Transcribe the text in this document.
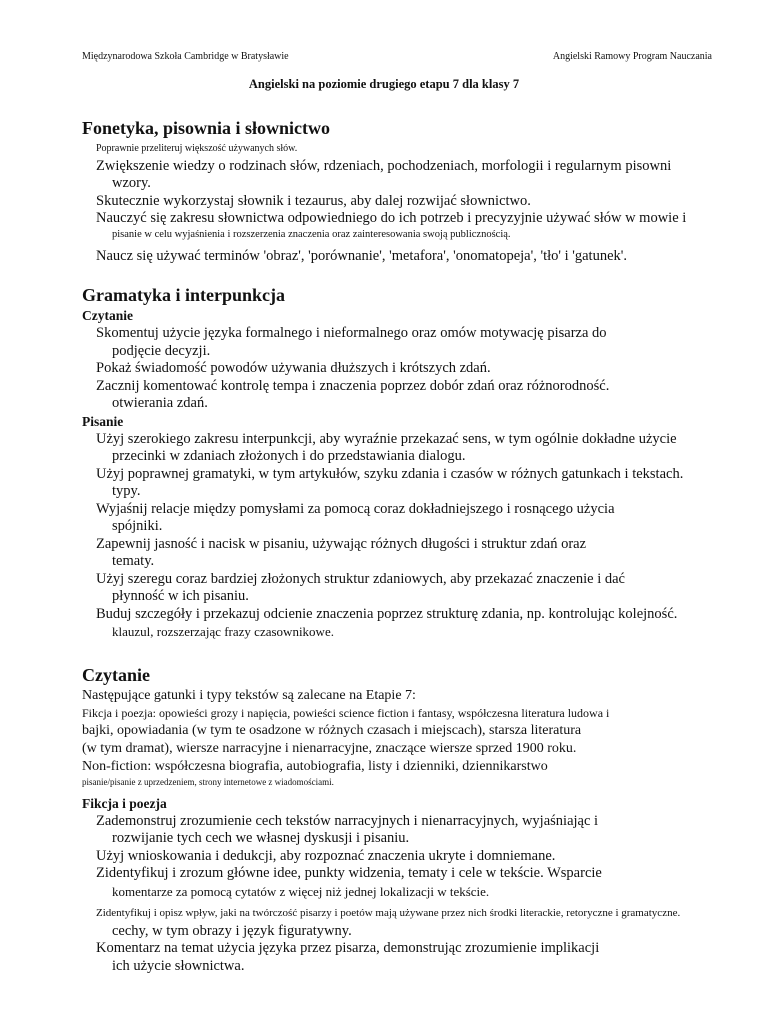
Międzynarodowa Szkoła Cambridge w Bratysławie	Angielski Ramowy Program Nauczania
Angielski na poziomie drugiego etapu 7 dla klasy 7
Fonetyka, pisownia i słownictwo
Poprawnie przeliteruj większość używanych słów.
Zwiększenie wiedzy o rodzinach słów, rdzeniach, pochodzeniach, morfologii i regularnym pisowni
wzory.
Skutecznie wykorzystaj słownik i tezaurus, aby dalej rozwijać słownictwo.
Nauczyć się zakresu słownictwa odpowiedniego do ich potrzeb i precyzyjnie używać słów w mowie i
pisanie w celu wyjaśnienia i rozszerzenia znaczenia oraz zainteresowania swoją publicznością.
Naucz się używać terminów 'obraz', 'porównanie', 'metafora', 'onomatopeja', 'tło' i 'gatunek'.
Gramatyka i interpunkcja
Czytanie
Skomentuj użycie języka formalnego i nieformalnego oraz omów motywację pisarza do
podjęcie decyzji.
Pokaż świadomość powodów używania dłuższych i krótszych zdań.
Zacznij komentować kontrolę tempa i znaczenia poprzez dobór zdań oraz różnorodność.
otwierania zdań.
Pisanie
Użyj szerokiego zakresu interpunkcji, aby wyraźnie przekazać sens, w tym ogólnie dokładne użycie
przecinki w zdaniach złożonych i do przedstawiania dialogu.
Użyj poprawnej gramatyki, w tym artykułów, szyku zdania i czasów w różnych gatunkach i tekstach.
typy.
Wyjaśnij relacje między pomysłami za pomocą coraz dokładniejszego i rosnącego użycia
spójniki.
Zapewnij jasność i nacisk w pisaniu, używając różnych długości i struktur zdań oraz
tematy.
Użyj szeregu coraz bardziej złożonych struktur zdaniowych, aby przekazać znaczenie i dać
płynność w ich pisaniu.
Buduj szczegóły i przekazuj odcienie znaczenia poprzez strukturę zdania, np. kontrolując kolejność.
klauzul, rozszerzając frazy czasownikowe.
Czytanie
Następujące gatunki i typy tekstów są zalecane na Etapie 7:
Fikcja i poezja: opowieści grozy i napięcia, powieści science fiction i fantasy, współczesna literatura ludowa i
bajki, opowiadania (w tym te osadzone w różnych czasach i miejscach), starsza literatura
(w tym dramat), wiersze narracyjne i nienarracyjne, znaczące wiersze sprzed 1900 roku.
Non-fiction: współczesna biografia, autobiografia, listy i dzienniki, dziennikarstwo
pisanie/pisanie z uprzedzeniem, strony internetowe z wiadomościami.
Fikcja i poezja
Zademonstruj zrozumienie cech tekstów narracyjnych i nienarracyjnych, wyjaśniając i
rozwijanie tych cech we własnej dyskusji i pisaniu.
Użyj wnioskowania i dedukcji, aby rozpoznać znaczenia ukryte i domniemane.
Zidentyfikuj i zrozum główne idee, punkty widzenia, tematy i cele w tekście. Wsparcie
komentarze za pomocą cytatów z więcej niż jednej lokalizacji w tekście.
Zidentyfikuj i opisz wpływ, jaki na twórczość pisarzy i poetów mają używane przez nich środki literackie, retoryczne i gramatyczne.
cechy, w tym obrazy i język figuratywny.
Komentarz na temat użycia języka przez pisarza, demonstrując zrozumienie implikacji
ich użycie słownictwa.
